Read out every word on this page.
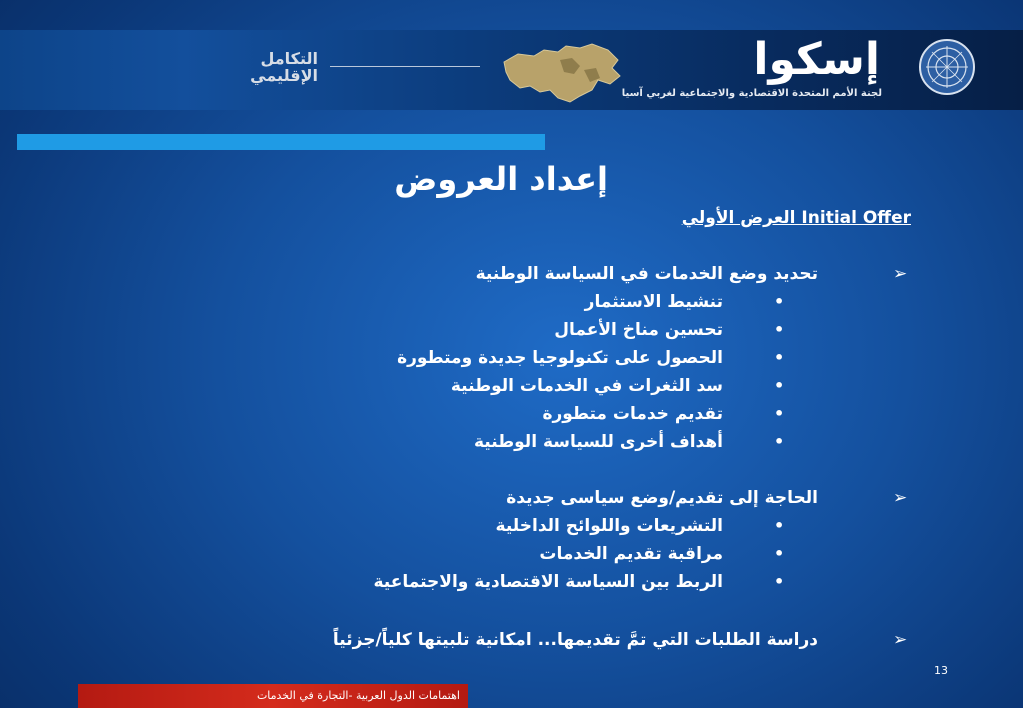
التكامل
الإقليمي	إسكوا
لجنة الأمم المتحدة الاقتصادية والاجتماعية لغربي آسيا
إعداد العروض
العرض الأولي Initial Offer
تحديد وضع الخدمات في السياسة الوطنية	➢
تنشيط الاستثمار	•
تحسين مناخ الأعمال	•
الحصول على تكنولوجيا جديدة ومتطورة	•
سد الثغرات في الخدمات الوطنية	•
تقديم خدمات متطورة	•
أهداف أخرى للسياسة الوطنية	•
الحاجة إلى تقديم/وضع سياسى جديدة	➢
التشريعات واللوائح الداخلية	•
مراقبة تقديم الخدمات	•
الربط بين السياسة الاقتصادية والاجتماعية	•
دراسة الطلبات التي تمَّ تقديمها... امكانية تلبيتها كلياً/جزئياً	➢
13
اهتمامات الدول العربية -التجارة في الخدمات
